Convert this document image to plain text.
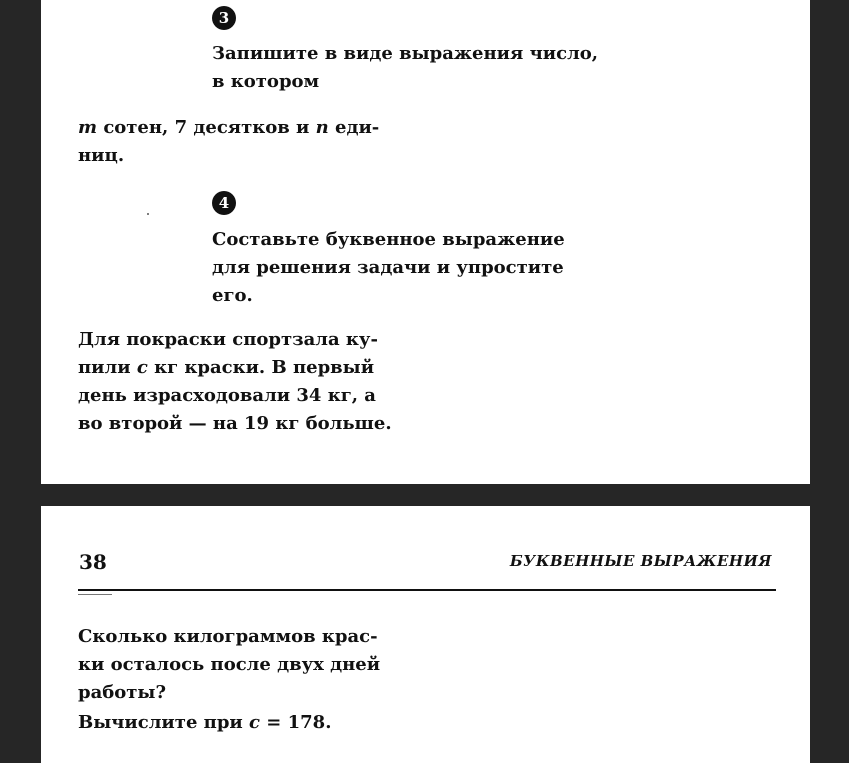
3
Запишите в виде выражения число,
в котором
m сотен, 7 десятков и n еди-
ниц.
4
Составьте буквенное выражение
для решения задачи и упростите
его.
Для покраски спортзала ку-
пили c кг краски. В первый
день израсходовали 34 кг, а
во второй — на 19 кг больше.
38	БУКВЕННЫЕ ВЫРАЖЕНИЯ
Сколько килограммов крас-
ки осталось после двух дней
работы?
Вычислите при c = 178.
